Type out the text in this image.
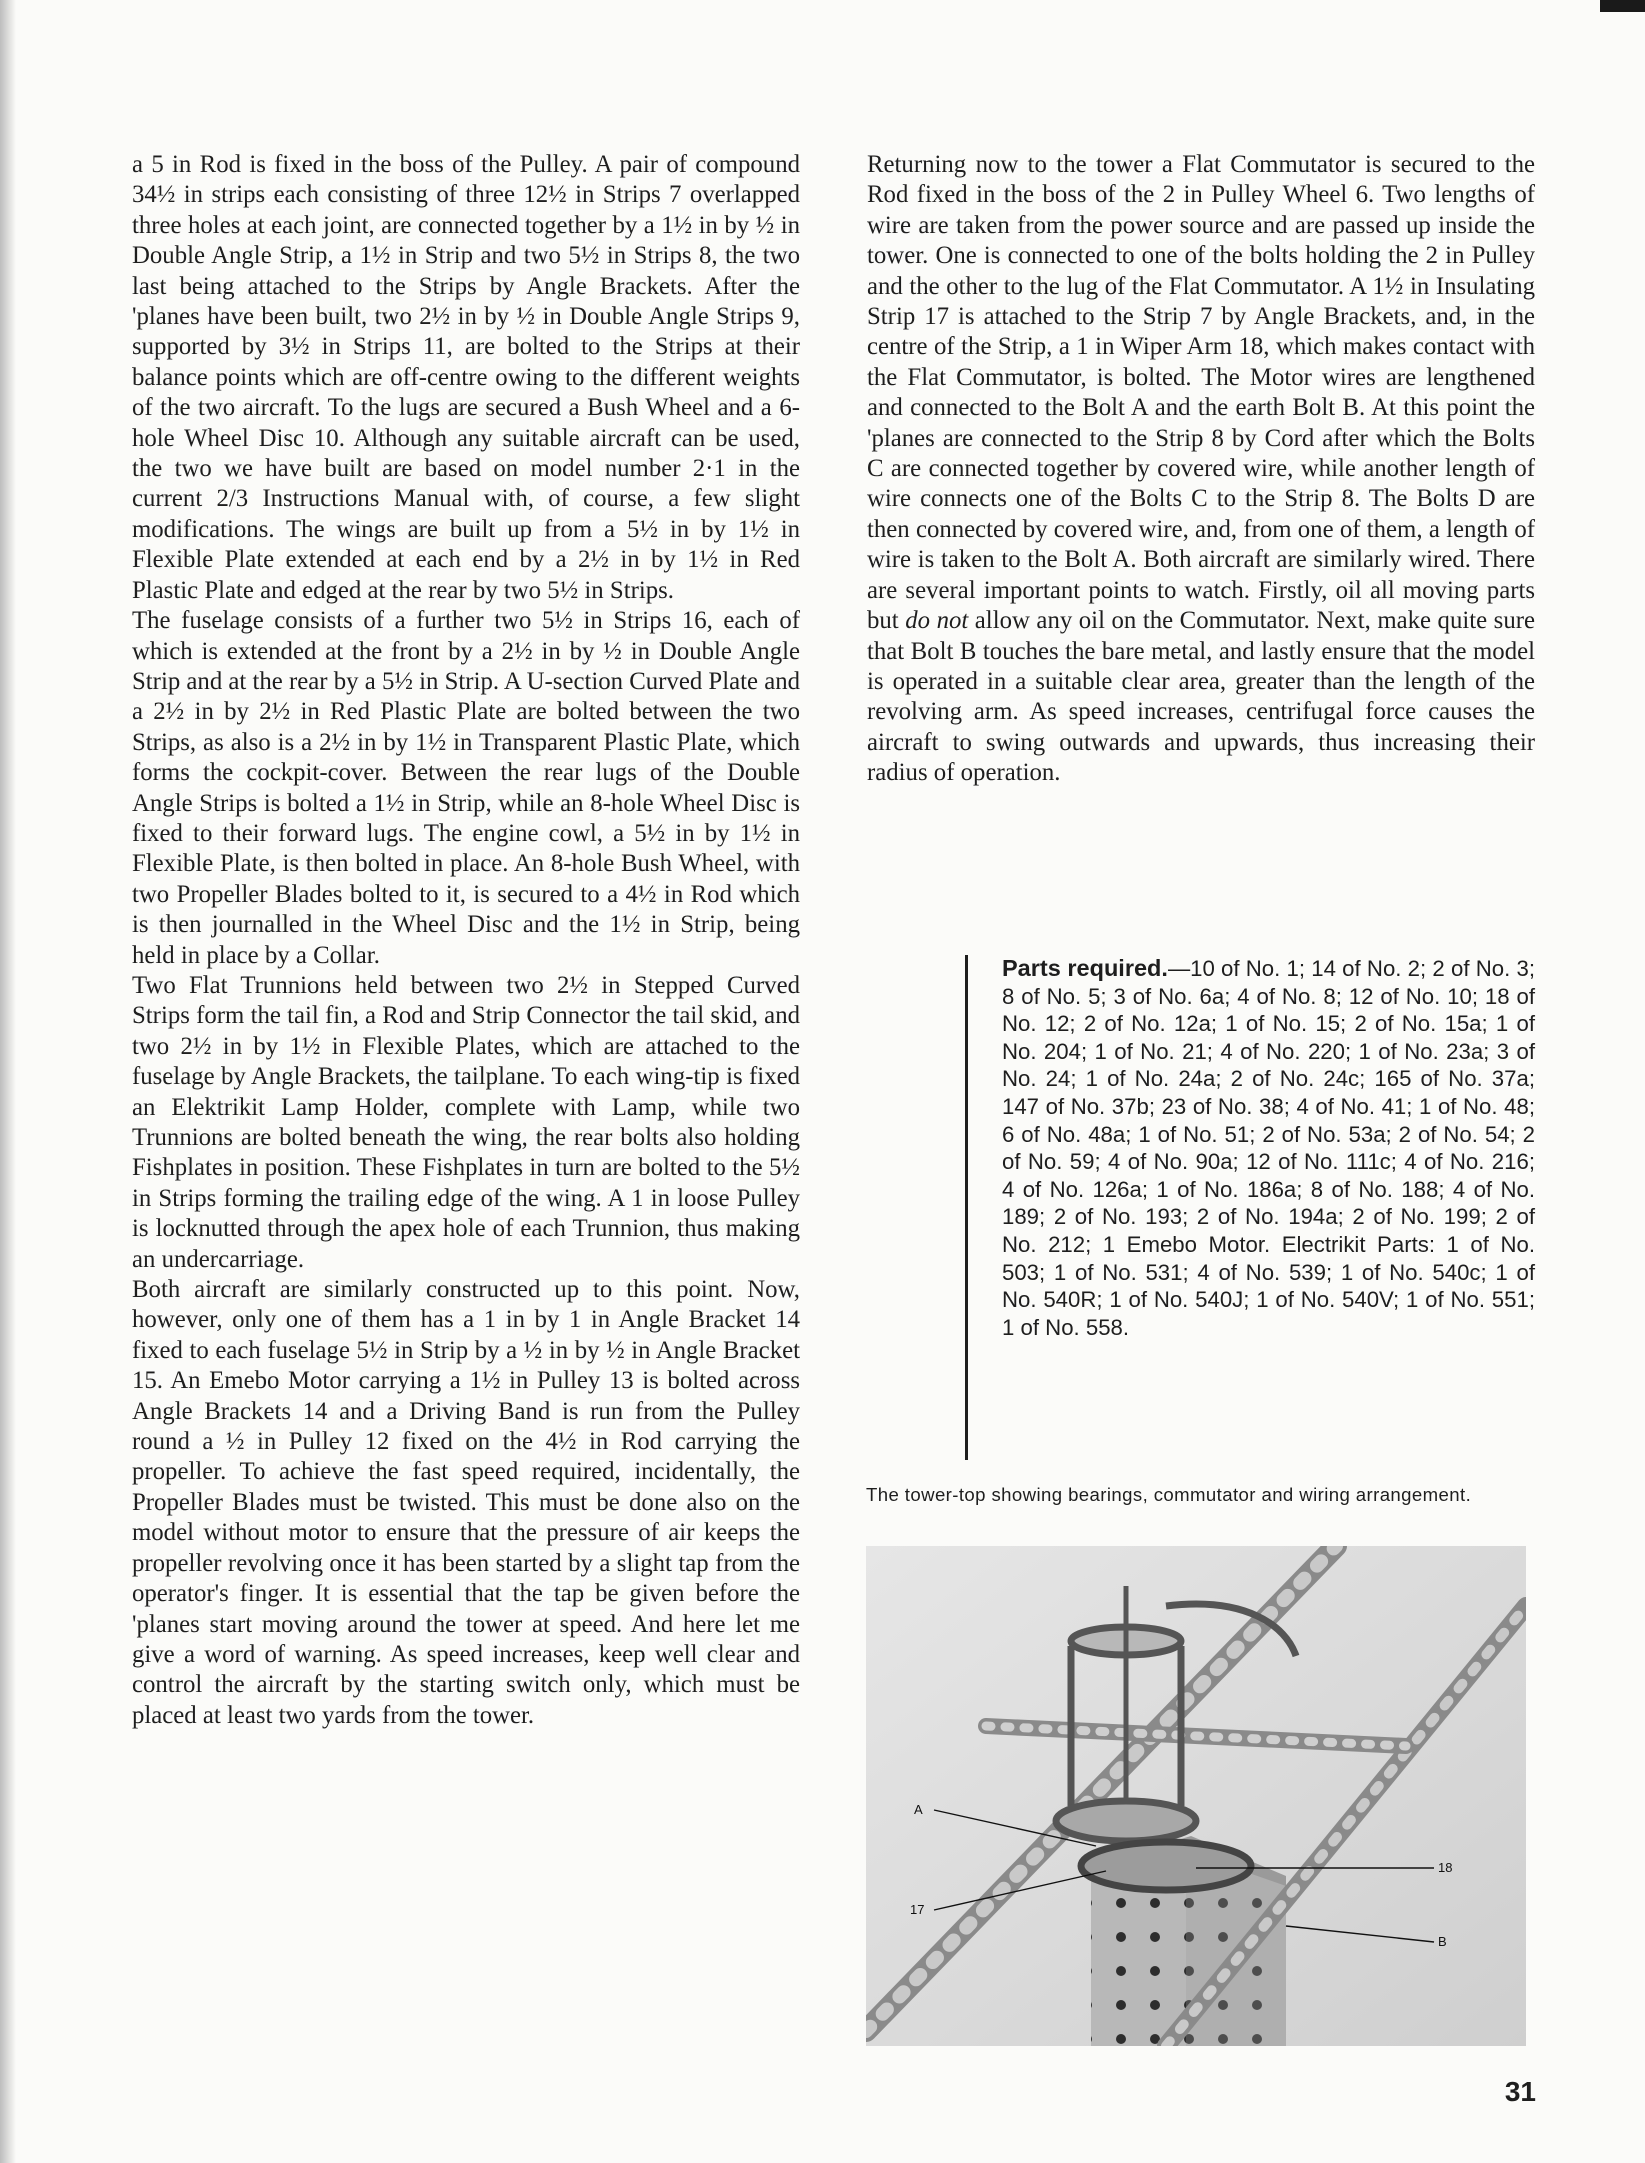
a 5 in Rod is fixed in the boss of the Pulley. A pair of compound 34½ in strips each consisting of three 12½ in Strips 7 overlapped three holes at each joint, are connected together by a 1½ in by ½ in Double Angle Strip, a 1½ in Strip and two 5½ in Strips 8, the two last being attached to the Strips by Angle Brackets. After the 'planes have been built, two 2½ in by ½ in Double Angle Strips 9, supported by 3½ in Strips 11, are bolted to the Strips at their balance points which are off-centre owing to the different weights of the two aircraft. To the lugs are secured a Bush Wheel and a 6-hole Wheel Disc 10. Although any suitable aircraft can be used, the two we have built are based on model number 2·1 in the current 2/3 Instructions Manual with, of course, a few slight modifications. The wings are built up from a 5½ in by 1½ in Flexible Plate extended at each end by a 2½ in by 1½ in Red Plastic Plate and edged at the rear by two 5½ in Strips.

The fuselage consists of a further two 5½ in Strips 16, each of which is extended at the front by a 2½ in by ½ in Double Angle Strip and at the rear by a 5½ in Strip. A U-section Curved Plate and a 2½ in by 2½ in Red Plastic Plate are bolted between the two Strips, as also is a 2½ in by 1½ in Transparent Plastic Plate, which forms the cockpit-cover. Between the rear lugs of the Double Angle Strips is bolted a 1½ in Strip, while an 8-hole Wheel Disc is fixed to their forward lugs. The engine cowl, a 5½ in by 1½ in Flexible Plate, is then bolted in place. An 8-hole Bush Wheel, with two Propeller Blades bolted to it, is secured to a 4½ in Rod which is then journalled in the Wheel Disc and the 1½ in Strip, being held in place by a Collar.

Two Flat Trunnions held between two 2½ in Stepped Curved Strips form the tail fin, a Rod and Strip Connector the tail skid, and two 2½ in by 1½ in Flexible Plates, which are attached to the fuselage by Angle Brackets, the tailplane. To each wing-tip is fixed an Elektrikit Lamp Holder, complete with Lamp, while two Trunnions are bolted beneath the wing, the rear bolts also holding Fishplates in position. These Fishplates in turn are bolted to the 5½ in Strips forming the trailing edge of the wing. A 1 in loose Pulley is locknutted through the apex hole of each Trunnion, thus making an undercarriage.

Both aircraft are similarly constructed up to this point. Now, however, only one of them has a 1 in by 1 in Angle Bracket 14 fixed to each fuselage 5½ in Strip by a ½ in by ½ in Angle Bracket 15. An Emebo Motor carrying a 1½ in Pulley 13 is bolted across Angle Brackets 14 and a Driving Band is run from the Pulley round a ½ in Pulley 12 fixed on the 4½ in Rod carrying the propeller. To achieve the fast speed required, incidentally, the Propeller Blades must be twisted. This must be done also on the model without motor to ensure that the pressure of air keeps the propeller revolving once it has been started by a slight tap from the operator's finger. It is essential that the tap be given before the 'planes start moving around the tower at speed. And here let me give a word of warning. As speed increases, keep well clear and control the aircraft by the starting switch only, which must be placed at least two yards from the tower.

Returning now to the tower a Flat Commutator is secured to the Rod fixed in the boss of the 2 in Pulley Wheel 6. Two lengths of wire are taken from the power source and are passed up inside the tower. One is connected to one of the bolts holding the 2 in Pulley and the other to the lug of the Flat Commutator. A 1½ in Insulating Strip 17 is attached to the Strip 7 by Angle Brackets, and, in the centre of the Strip, a 1 in Wiper Arm 18, which makes contact with the Flat Commutator, is bolted. The Motor wires are lengthened and connected to the Bolt A and the earth Bolt B. At this point the 'planes are connected to the Strip 8 by Cord after which the Bolts C are connected together by covered wire, while another length of wire connects one of the Bolts C to the Strip 8. The Bolts D are then connected by covered wire, and, from one of them, a length of wire is taken to the Bolt A. Both aircraft are similarly wired. There are several important points to watch. Firstly, oil all moving parts but do not allow any oil on the Commutator. Next, make quite sure that Bolt B touches the bare metal, and lastly ensure that the model is operated in a suitable clear area, greater than the length of the revolving arm. As speed increases, centrifugal force causes the aircraft to swing outwards and upwards, thus increasing their radius of operation.

Parts required.—10 of No. 1; 14 of No. 2; 2 of No. 3; 8 of No. 5; 3 of No. 6a; 4 of No. 8; 12 of No. 10; 18 of No. 12; 2 of No. 12a; 1 of No. 15; 2 of No. 15a; 1 of No. 204; 1 of No. 21; 4 of No. 220; 1 of No. 23a; 3 of No. 24; 1 of No. 24a; 2 of No. 24c; 165 of No. 37a; 147 of No. 37b; 23 of No. 38; 4 of No. 41; 1 of No. 48; 6 of No. 48a; 1 of No. 51; 2 of No. 53a; 2 of No. 54; 2 of No. 59; 4 of No. 90a; 12 of No. 111c; 4 of No. 216; 4 of No. 126a; 1 of No. 186a; 8 of No. 188; 4 of No. 189; 2 of No. 193; 2 of No. 194a; 2 of No. 199; 2 of No. 212; 1 Emebo Motor. Electrikit Parts: 1 of No. 503; 1 of No. 531; 4 of No. 539; 1 of No. 540c; 1 of No. 540R; 1 of No. 540J; 1 of No. 540V; 1 of No. 551; 1 of No. 558.
The tower-top showing bearings, commutator and wiring arrangement.
A
17
18
B
31
